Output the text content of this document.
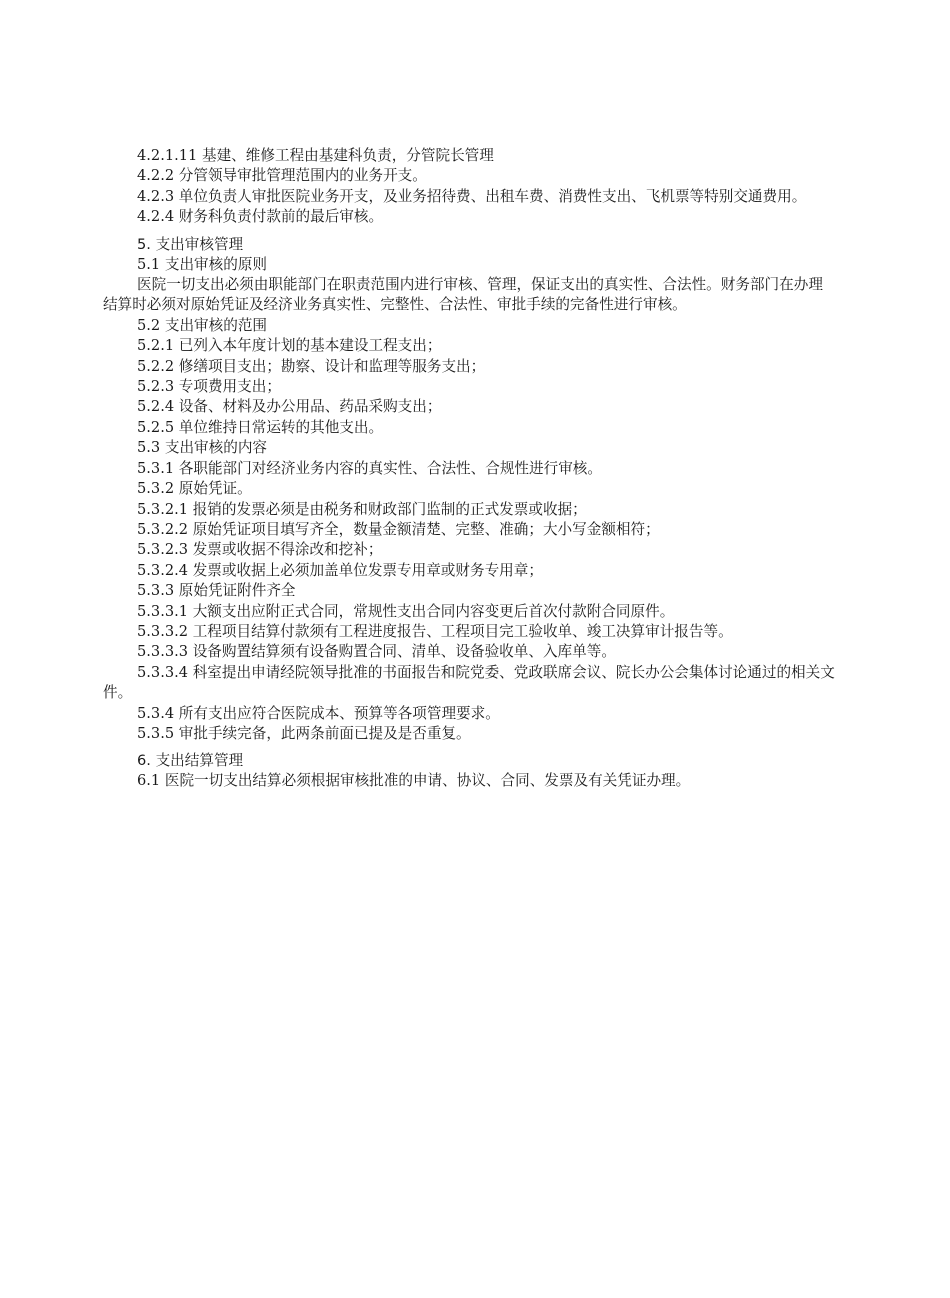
4.2.1.11 基建、维修工程由基建科负责，分管院长管理

4.2.2 分管领导审批管理范围内的业务开支。

4.2.3 单位负责人审批医院业务开支，及业务招待费、出租车费、消费性支出、飞机票等特别交通费用。

4.2.4 财务科负责付款前的最后审核。

5. 支出审核管理

5.1 支出审核的原则

医院一切支出必须由职能部门在职责范围内进行审核、管理，保证支出的真实性、合法性。财务部门在办理结算时必须对原始凭证及经济业务真实性、完整性、合法性、审批手续的完备性进行审核。

5.2 支出审核的范围

5.2.1 已列入本年度计划的基本建设工程支出；

5.2.2 修缮项目支出；勘察、设计和监理等服务支出；

5.2.3 专项费用支出；

5.2.4 设备、材料及办公用品、药品采购支出；

5.2.5 单位维持日常运转的其他支出。

5.3 支出审核的内容

5.3.1 各职能部门对经济业务内容的真实性、合法性、合规性进行审核。

5.3.2 原始凭证。

5.3.2.1 报销的发票必须是由税务和财政部门监制的正式发票或收据；

5.3.2.2 原始凭证项目填写齐全，数量金额清楚、完整、准确；大小写金额相符；

5.3.2.3 发票或收据不得涂改和挖补；

5.3.2.4 发票或收据上必须加盖单位发票专用章或财务专用章；

5.3.3 原始凭证附件齐全

5.3.3.1 大额支出应附正式合同，常规性支出合同内容变更后首次付款附合同原件。

5.3.3.2 工程项目结算付款须有工程进度报告、工程项目完工验收单、竣工决算审计报告等。

5.3.3.3 设备购置结算须有设备购置合同、清单、设备验收单、入库单等。

5.3.3.4 科室提出申请经院领导批准的书面报告和院党委、党政联席会议、院长办公会集体讨论通过的相关文件。

5.3.4 所有支出应符合医院成本、预算等各项管理要求。

5.3.5 审批手续完备，此两条前面已提及是否重复。

6. 支出结算管理

6.1 医院一切支出结算必须根据审核批准的申请、协议、合同、发票及有关凭证办理。
